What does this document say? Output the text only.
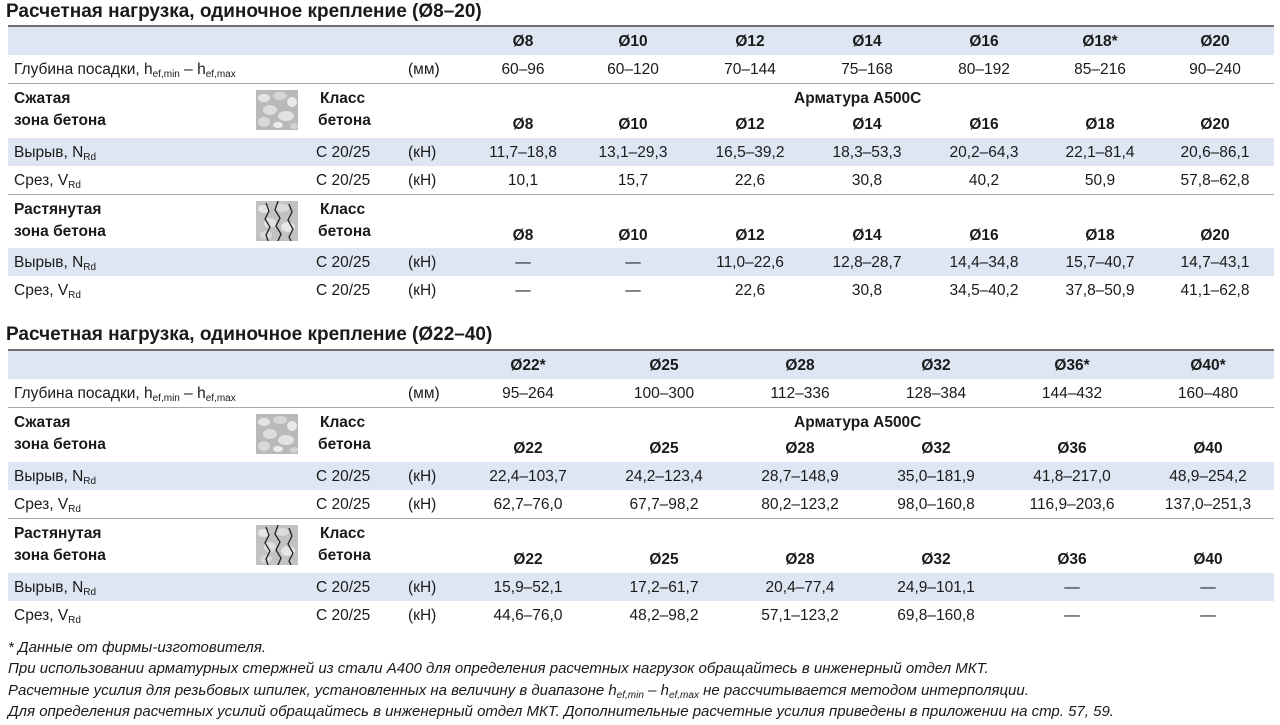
Расчетная нагрузка, одиночное крепление (Ø8–20)
Ø8	Ø10	Ø12	Ø14	Ø16	Ø18*	Ø20
Глубина посадки, $h_{ef,min} - h_{ef,max}$	(мм)	60–96	60–120	70–144	75–168	80–192	85–216	90–240
Сжатая
зона бетона
Класс
бетона
Арматура А500С
Ø8	Ø10	Ø12	Ø14	Ø16	Ø18	Ø20
Вырыв, $N_{Rd}$	C 20/25 (кН)	11,7–18,8	13,1–29,3	16,5–39,2	18,3–53,3	20,2–64,3	22,1–81,4	20,6–86,1
Срез, $V_{Rd}$	C 20/25 (кН)	10,1	15,7	22,6	30,8	40,2	50,9	57,8–62,8
Растянутая
зона бетона
Класс
бетона	Ø8	Ø10	Ø12	Ø14	Ø16	Ø18	Ø20
Вырыв, $N_{Rd}$	C 20/25 (кН)	—	—	11,0–22,6	12,8–28,7	14,4–34,8	15,7–40,7	14,7–43,1
Срез, $V_{Rd}$	C 20/25 (кН)	—	—	22,6	30,8	34,5–40,2	37,8–50,9	41,1–62,8
Расчетная нагрузка, одиночное крепление (Ø22–40)
Ø22*	Ø25	Ø28	Ø32	Ø36*	Ø40*
Глубина посадки, $h_{ef,min} - h_{ef,max}$	(мм)	95–264	100–300	112–336	128–384	144–432	160–480
Сжатая
зона бетона
Класс
бетона
Арматура А500С
Ø22	Ø25	Ø28	Ø32	Ø36	Ø40
Вырыв, $N_{Rd}$	C 20/25 (кН)	22,4–103,7	24,2–123,4	28,7–148,9	35,0–181,9	41,8–217,0	48,9–254,2
Срез, $V_{Rd}$	C 20/25 (кН)	62,7–76,0	67,7–98,2	80,2–123,2	98,0–160,8	116,9–203,6	137,0–251,3
Растянутая
зона бетона
Класс
бетона	Ø22	Ø25	Ø28	Ø32	Ø36	Ø40
Вырыв, $N_{Rd}$	C 20/25 (кН)	15,9–52,1	17,2–61,7	20,4–77,4	24,9–101,1	—	—
Срез, $V_{Rd}$	C 20/25 (кН)	44,6–76,0	48,2–98,2	57,1–123,2	69,8–160,8	—	—
* Данные от фирмы-изготовителя.
При использовании арматурных стержней из стали А400 для определения расчетных нагрузок обращайтесь в инженерный отдел МКТ.
Расчетные усилия для резьбовых шпилек, установленных на величину в диапазоне $h_{ef,min} - h_{ef,max}$ не рассчитывается методом интерполяции.
Для определения расчетных усилий обращайтесь в инженерный отдел МКТ. Дополнительные расчетные усилия приведены в приложении на стр. 57, 59.
